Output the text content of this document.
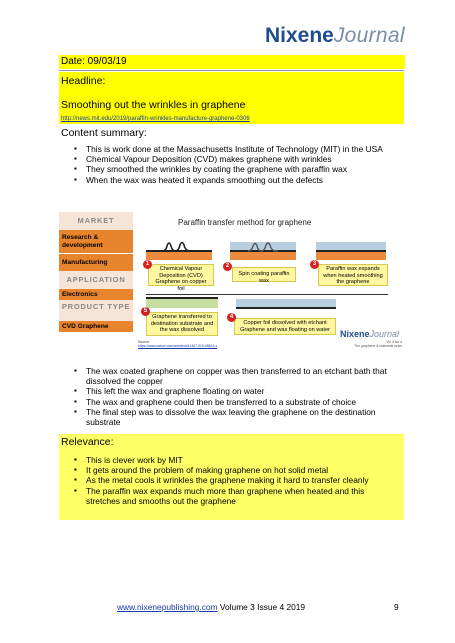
NixeneJournal
Date: 09/03/19
Headline:
Smoothing out the wrinkles in graphene
http://news.mit.edu/2019/paraffin-wrinkles-manufacture-graphene-0306
Content summary:
▪ This is work done at the Massachusetts Institute of Technology (MIT) in the USA
▪ Chemical Vapour Deposition (CVD) makes graphene with wrinkles
▪ They smoothed the wrinkles by coating the graphene with paraffin wax
▪ When the wax was heated it expands smoothing out the defects
MARKET
Research & development
Manufacturing
APPLICATION
Electronics
PRODUCT TYPE
CVD Graphene
Paraffin transfer method for graphene
Chemical Vapour Deposition (CVD) Graphene on copper foil
1
Spin coating paraffin wax
2	Paraffin wax expands when heated smoothing the graphene
3
Graphene transferred to destination substrate and the wax dissolved
5
Copper foil dissolved with etchant Graphene and wax floating on water
4
Source:
https://www.nature.com/articles/s41467-019-08813-x
NixeneJournal
Vol 3 Iss 4
The graphene & materials news
▪ The wax coated graphene on copper was then transferred to an etchant bath that dissolved the copper
▪ This left the wax and graphene floating on water
▪ The wax and graphene could then be transferred to a substrate of choice
▪ The final step was to dissolve the wax leaving the graphene on the destination substrate
Relevance:
▪ This is clever work by MIT
▪ It gets around the problem of making graphene on hot solid metal
▪ As the metal cools it wrinkles the graphene making it hard to transfer cleanly
▪ The paraffin wax expands much more than graphene when heated and this stretches and smooths out the graphene
www.nixenepublishing.com Volume 3 Issue 4 2019	9
